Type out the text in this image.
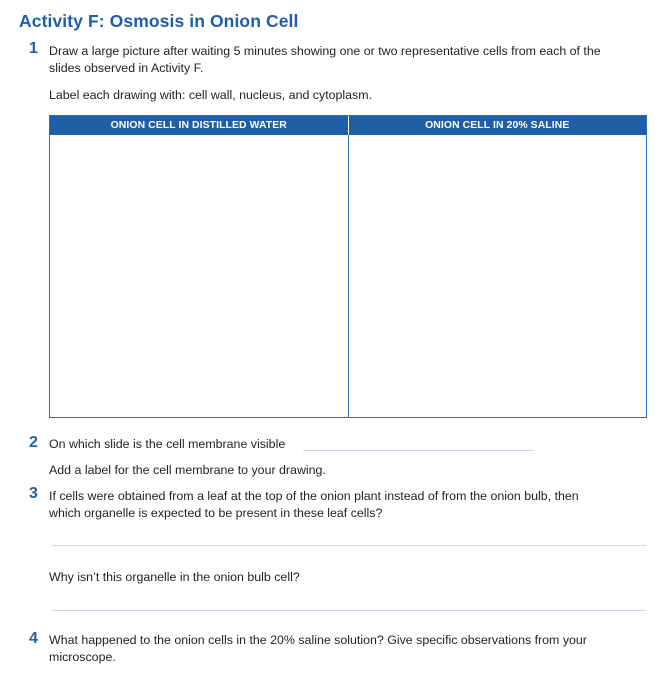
Activity F: Osmosis in Onion Cell
1 Draw a large picture after waiting 5 minutes showing one or two representative cells from each of the
slides observed in Activity F.
Label each drawing with: cell wall, nucleus, and cytoplasm.
ONION CELL IN DISTILLED WATER	ONION CELL IN 20% SALINE
2 On which slide is the cell membrane visible
Add a label for the cell membrane to your drawing.
3 If cells were obtained from a leaf at the top of the onion plant instead of from the onion bulb, then
which organelle is expected to be present in these leaf cells?
Why isn’t this organelle in the onion bulb cell?
4 What happened to the onion cells in the 20% saline solution? Give specific observations from your
microscope.
